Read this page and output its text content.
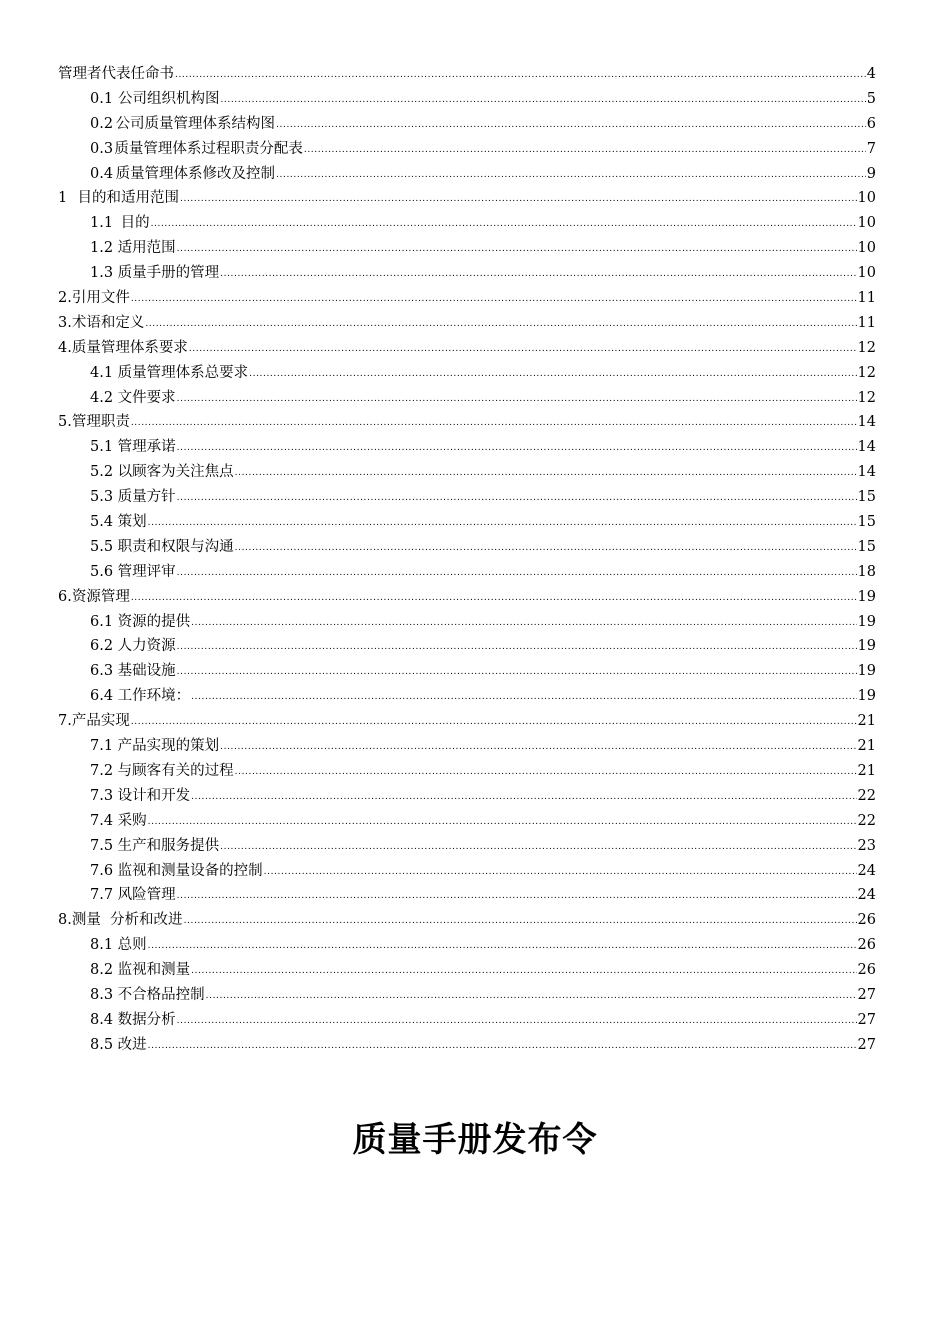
管理者代表任命书 .....	4
0.1 公司组织机构图 .....	5
0.2 公司质量管理体系结构图 .....	6
0.3 质量管理体系过程职责分配表 .....	7
0.4 质量管理体系修改及控制 .....	9
1 目的和适用范围 .....	10
1.1 目的 .....	10
1.2 适用范围 .....	10
1.3 质量手册的管理 .....	10
2.引用文件 .....	11
3.术语和定义 .....	11
4.质量管理体系要求 .....	12
4.1 质量管理体系总要求 .....	12
4.2 文件要求 .....	12
5.管理职责 .....	14
5.1 管理承诺 .....	14
5.2 以顾客为关注焦点 .....	14
5.3 质量方针 .....	15
5.4 策划 .....	15
5.5 职责和权限与沟通 .....	15
5.6 管理评审 .....	18
6.资源管理 .....	19
6.1 资源的提供 .....	19
6.2 人力资源 .....	19
6.3 基础设施 .....	19
6.4 工作环境： .....	19
7.产品实现 .....	21
7.1 产品实现的策划 .....	21
7.2 与顾客有关的过程 .....	21
7.3 设计和开发 .....	22
7.4 采购 .....	22
7.5 生产和服务提供 .....	23
7.6 监视和测量设备的控制 .....	24
7.7 风险管理 .....	24
8.测量  分析和改进 .....	26
8.1 总则 .....	26
8.2 监视和测量 .....	26
8.3 不合格品控制 .....	27
8.4 数据分析 .....	27
8.5 改进 .....	27
质量手册发布令
